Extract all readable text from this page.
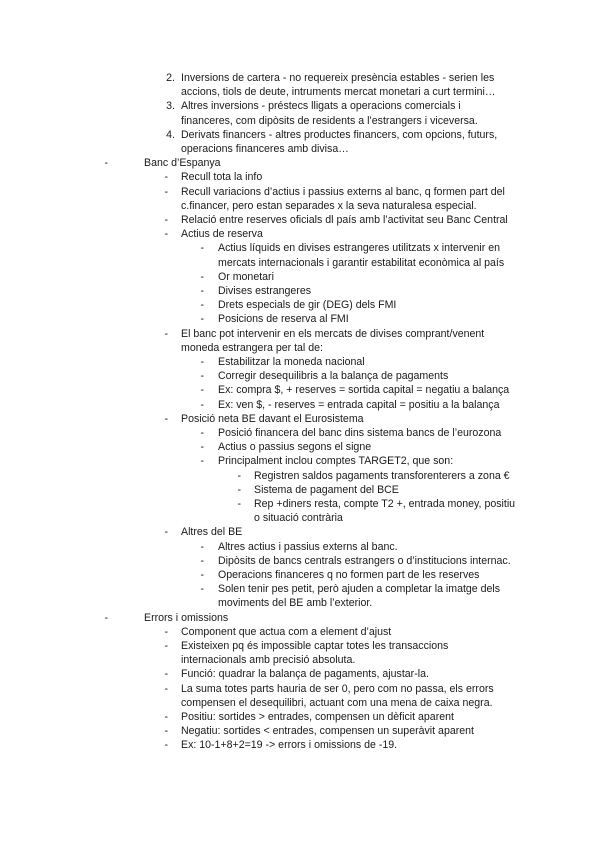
2. Inversions de cartera - no requereix presència estables - serien les
accions, tiols de deute, intruments mercat monetari a curt termini…
3. Altres inversions - préstecs lligats a operacions comercials i
financeres, com dipòsits de residents a l’estrangers i viceversa.
4. Derivats financers - altres productes financers, com opcions, futurs,
operacions financeres amb divisa…
-	Banc d’Espanya
- Recull tota la info
- Recull variacions d’actius i passius externs al banc, q formen part del
c.financer, pero estan separades x la seva naturalesa especial.
- Relació entre reserves oficials dl país amb l’activitat seu Banc Central
- Actius de reserva
- Actius líquids en divises estrangeres utilitzats x intervenir en
mercats internacionals i garantir estabilitat econòmica al país
- Or monetari
- Divises estrangeres
- Drets especials de gir (DEG) dels FMI
- Posicions de reserva al FMI
- El banc pot intervenir en els mercats de divises comprant/venent
moneda estrangera per tal de:
- Estabilitzar la moneda nacional
- Corregir desequilibris a la balança de pagaments
- Ex: compra $, + reserves = sortida capital = negatiu a balança
- Ex: ven $, - reserves = entrada capital = positiu a la balança
- Posició neta BE davant el Eurosistema
- Posició financera del banc dins sistema bancs de l’eurozona
- Actius o passius segons el signe
- Principalment inclou comptes TARGET2, que son:
- Registren saldos pagaments transforenterers a zona €
- Sistema de pagament del BCE
- Rep +diners resta, compte T2 +, entrada money, positiu
o situació contrària
- Altres del BE
- Altres actius i passius externs al banc.
- Dipòsits de bancs centrals estrangers o d’institucions internac.
- Operacions financeres q no formen part de les reserves
- Solen tenir pes petit, però ajuden a completar la imatge dels
moviments del BE amb l’exterior.
-	Errors i omissions
- Component que actua com a element d’ajust
- Existeixen pq és impossible captar totes les transaccions
internacionals amb precisió absoluta.
- Funció: quadrar la balança de pagaments, ajustar-la.
- La suma totes parts hauria de ser 0, pero com no passa, els errors
compensen el desequilibri, actuant com una mena de caixa negra.
- Positiu: sortides > entrades, compensen un dèficit aparent
- Negatiu: sortides < entrades, compensen un superàvit aparent
- Ex: 10-1+8+2=19 -> errors i omissions de -19.
